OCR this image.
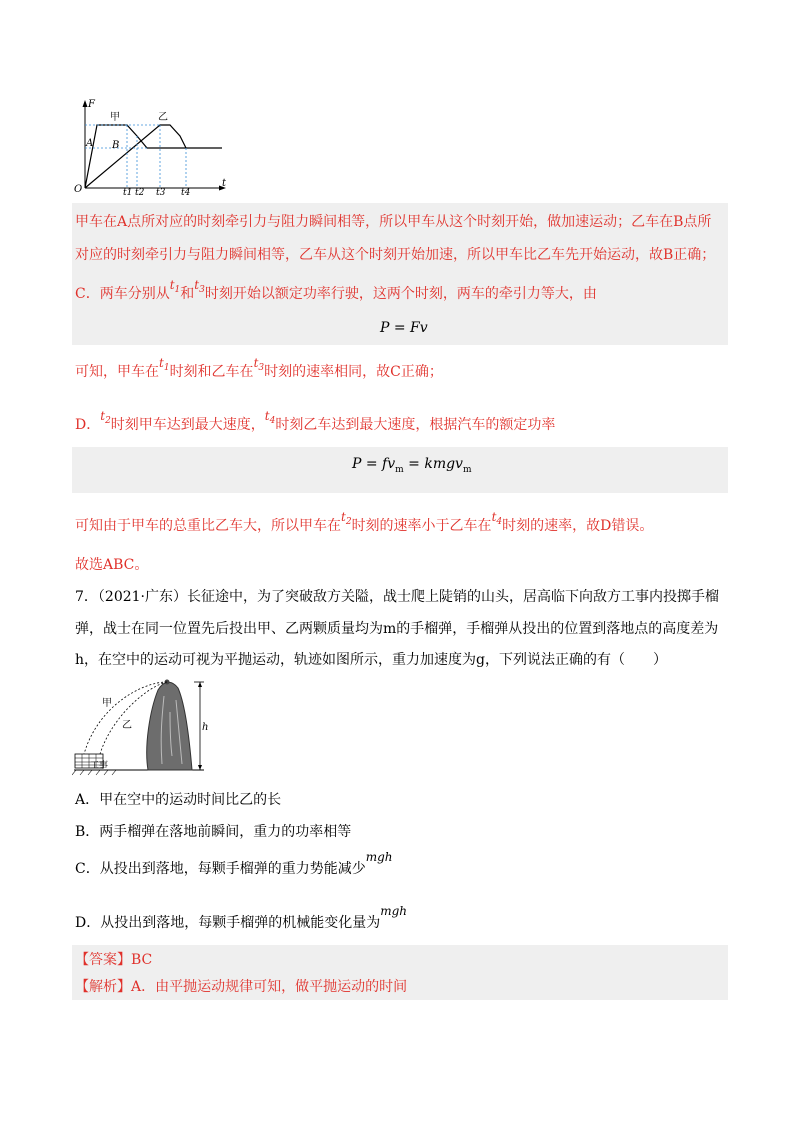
F
t
O
甲	乙
A B
t1 t2 t3 t4
甲车在A点所对应的时刻牵引力与阻力瞬间相等，所以甲车从这个时刻开始，做加速运动；乙车在B点所
对应的时刻牵引力与阻力瞬间相等，乙车从这个时刻开始加速，所以甲车比乙车先开始运动，故B正确；
C．两车分别从$t_1$和$t_3$时刻开始以额定功率行驶，这两个时刻，两车的牵引力等大，由
P = Fv
可知，甲车在$t_1$时刻和乙车在$t_3$时刻的速率相同，故C正确；
D．$t_2$时刻甲车达到最大速度，$t_4$时刻乙车达到最大速度，根据汽车的额定功率
$P = fv_m$ = kmgv$_m$
可知由于甲车的总重比乙车大，所以甲车在$t_2$时刻的速率小于乙车在$t_4$时刻的速率，故D错误。
故选ABC。
7．（2021·广东）长征途中，为了突破敌方关隘，战士爬上陡销的山头，居高临下向敌方工事内投掷手榴
弹，战士在同一位置先后投出甲、乙两颗质量均为m的手榴弹，手榴弹从投出的位置到落地点的高度差为
h，在空中的运动可视为平抛运动，轨迹如图所示，重力加速度为g，下列说法正确的有（　　）
甲
乙
工事
h
A．甲在空中的运动时间比乙的长
B．两手榴弹在落地前瞬间，重力的功率相等
C．从投出到落地，每颗手榴弹的重力势能减少mgh
D．从投出到落地，每颗手榴弹的机械能变化量为mgh
【答案】BC
【解析】A．由平抛运动规律可知，做平抛运动的时间
